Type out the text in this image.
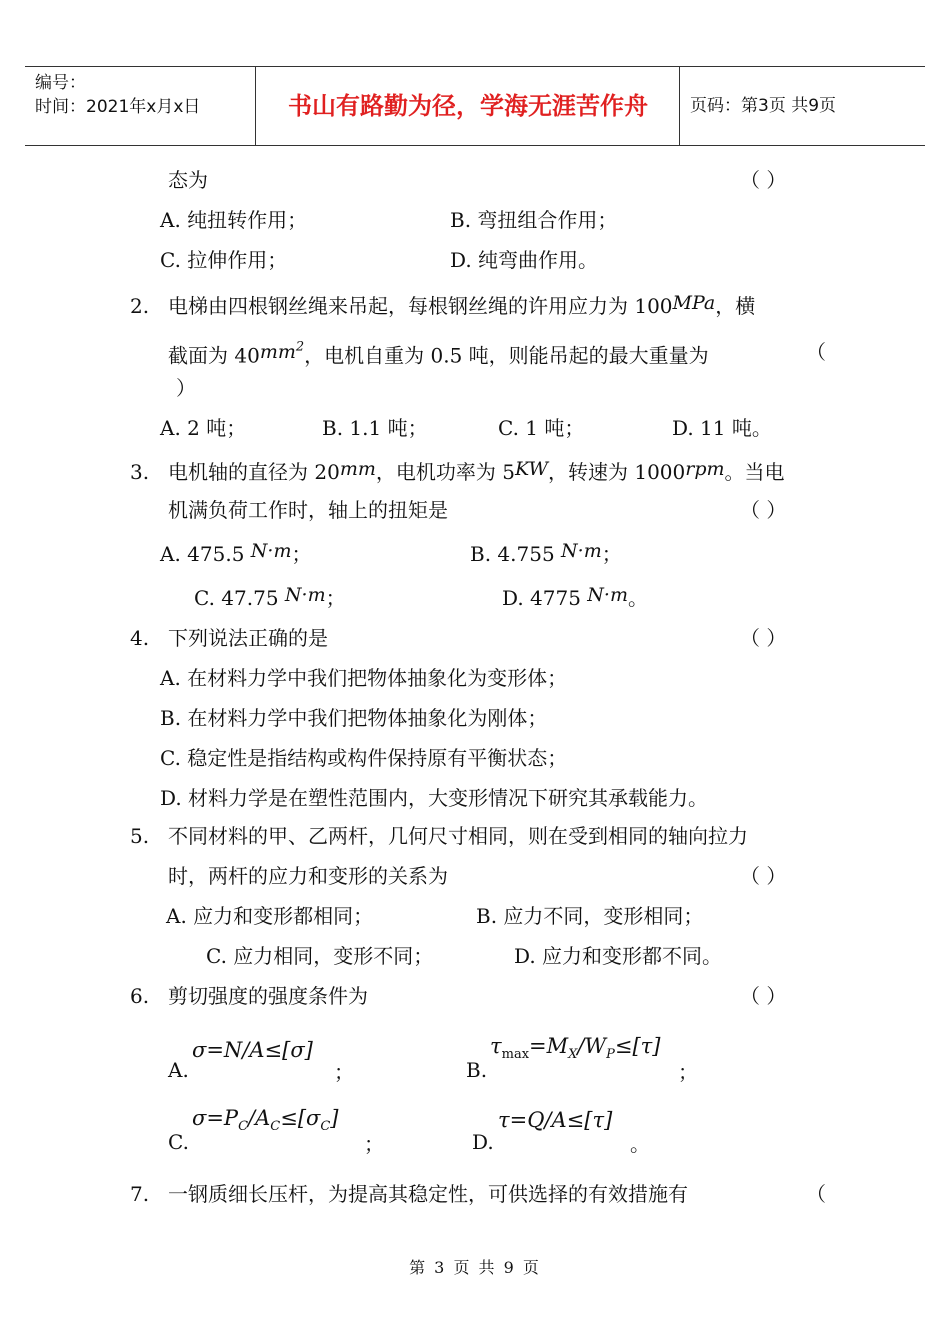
编号：
时间：2021年x月x日	书山有路勤为径，学海无涯苦作舟	页码：第3页 共9页
态为	（ ）
A. 纯扭转作用；	B. 弯扭组合作用；
C. 拉伸作用；	D. 纯弯曲作用。
2. 电梯由四根钢丝绳来吊起，每根钢丝绳的许用应力为 100MPa，横
截面为 $40mm^2$，电机自重为 0.5 吨，则能吊起的最大重量为	（
）
A. 2 吨；	B. 1.1 吨；	C. 1 吨；	D. 11 吨。
3. 电机轴的直径为 20mm，电机功率为 5KW，转速为 1000rpm。当电
机满负荷工作时，轴上的扭矩是	（ ）
A. 475.5 N·m；	B. 4.755 N·m；
C. 47.75 N·m；	D. 4775 N·m。
4. 下列说法正确的是	（ ）
A. 在材料力学中我们把物体抽象化为变形体；
B. 在材料力学中我们把物体抽象化为刚体；
C. 稳定性是指结构或构件保持原有平衡状态；
D. 材料力学是在塑性范围内，大变形情况下研究其承载能力。
5. 不同材料的甲、乙两杆，几何尺寸相同，则在受到相同的轴向拉力
时，两杆的应力和变形的关系为	（ ）
A. 应力和变形都相同；	B. 应力不同，变形相同；
C. 应力相同，变形不同；	D. 应力和变形都不同。
6. 剪切强度的强度条件为	（ ）
A.
σ=N/A≤[σ]
；	B.
$\tau_{max}=M_X/W_P\le[\tau]$
；
C.
$\sigma=P_C/A_C\le[\sigma_C]$
；	D.
τ=Q/A≤[τ]
。
7. 一钢质细长压杆，为提高其稳定性，可供选择的有效措施有	（
第 3 页 共 9 页
